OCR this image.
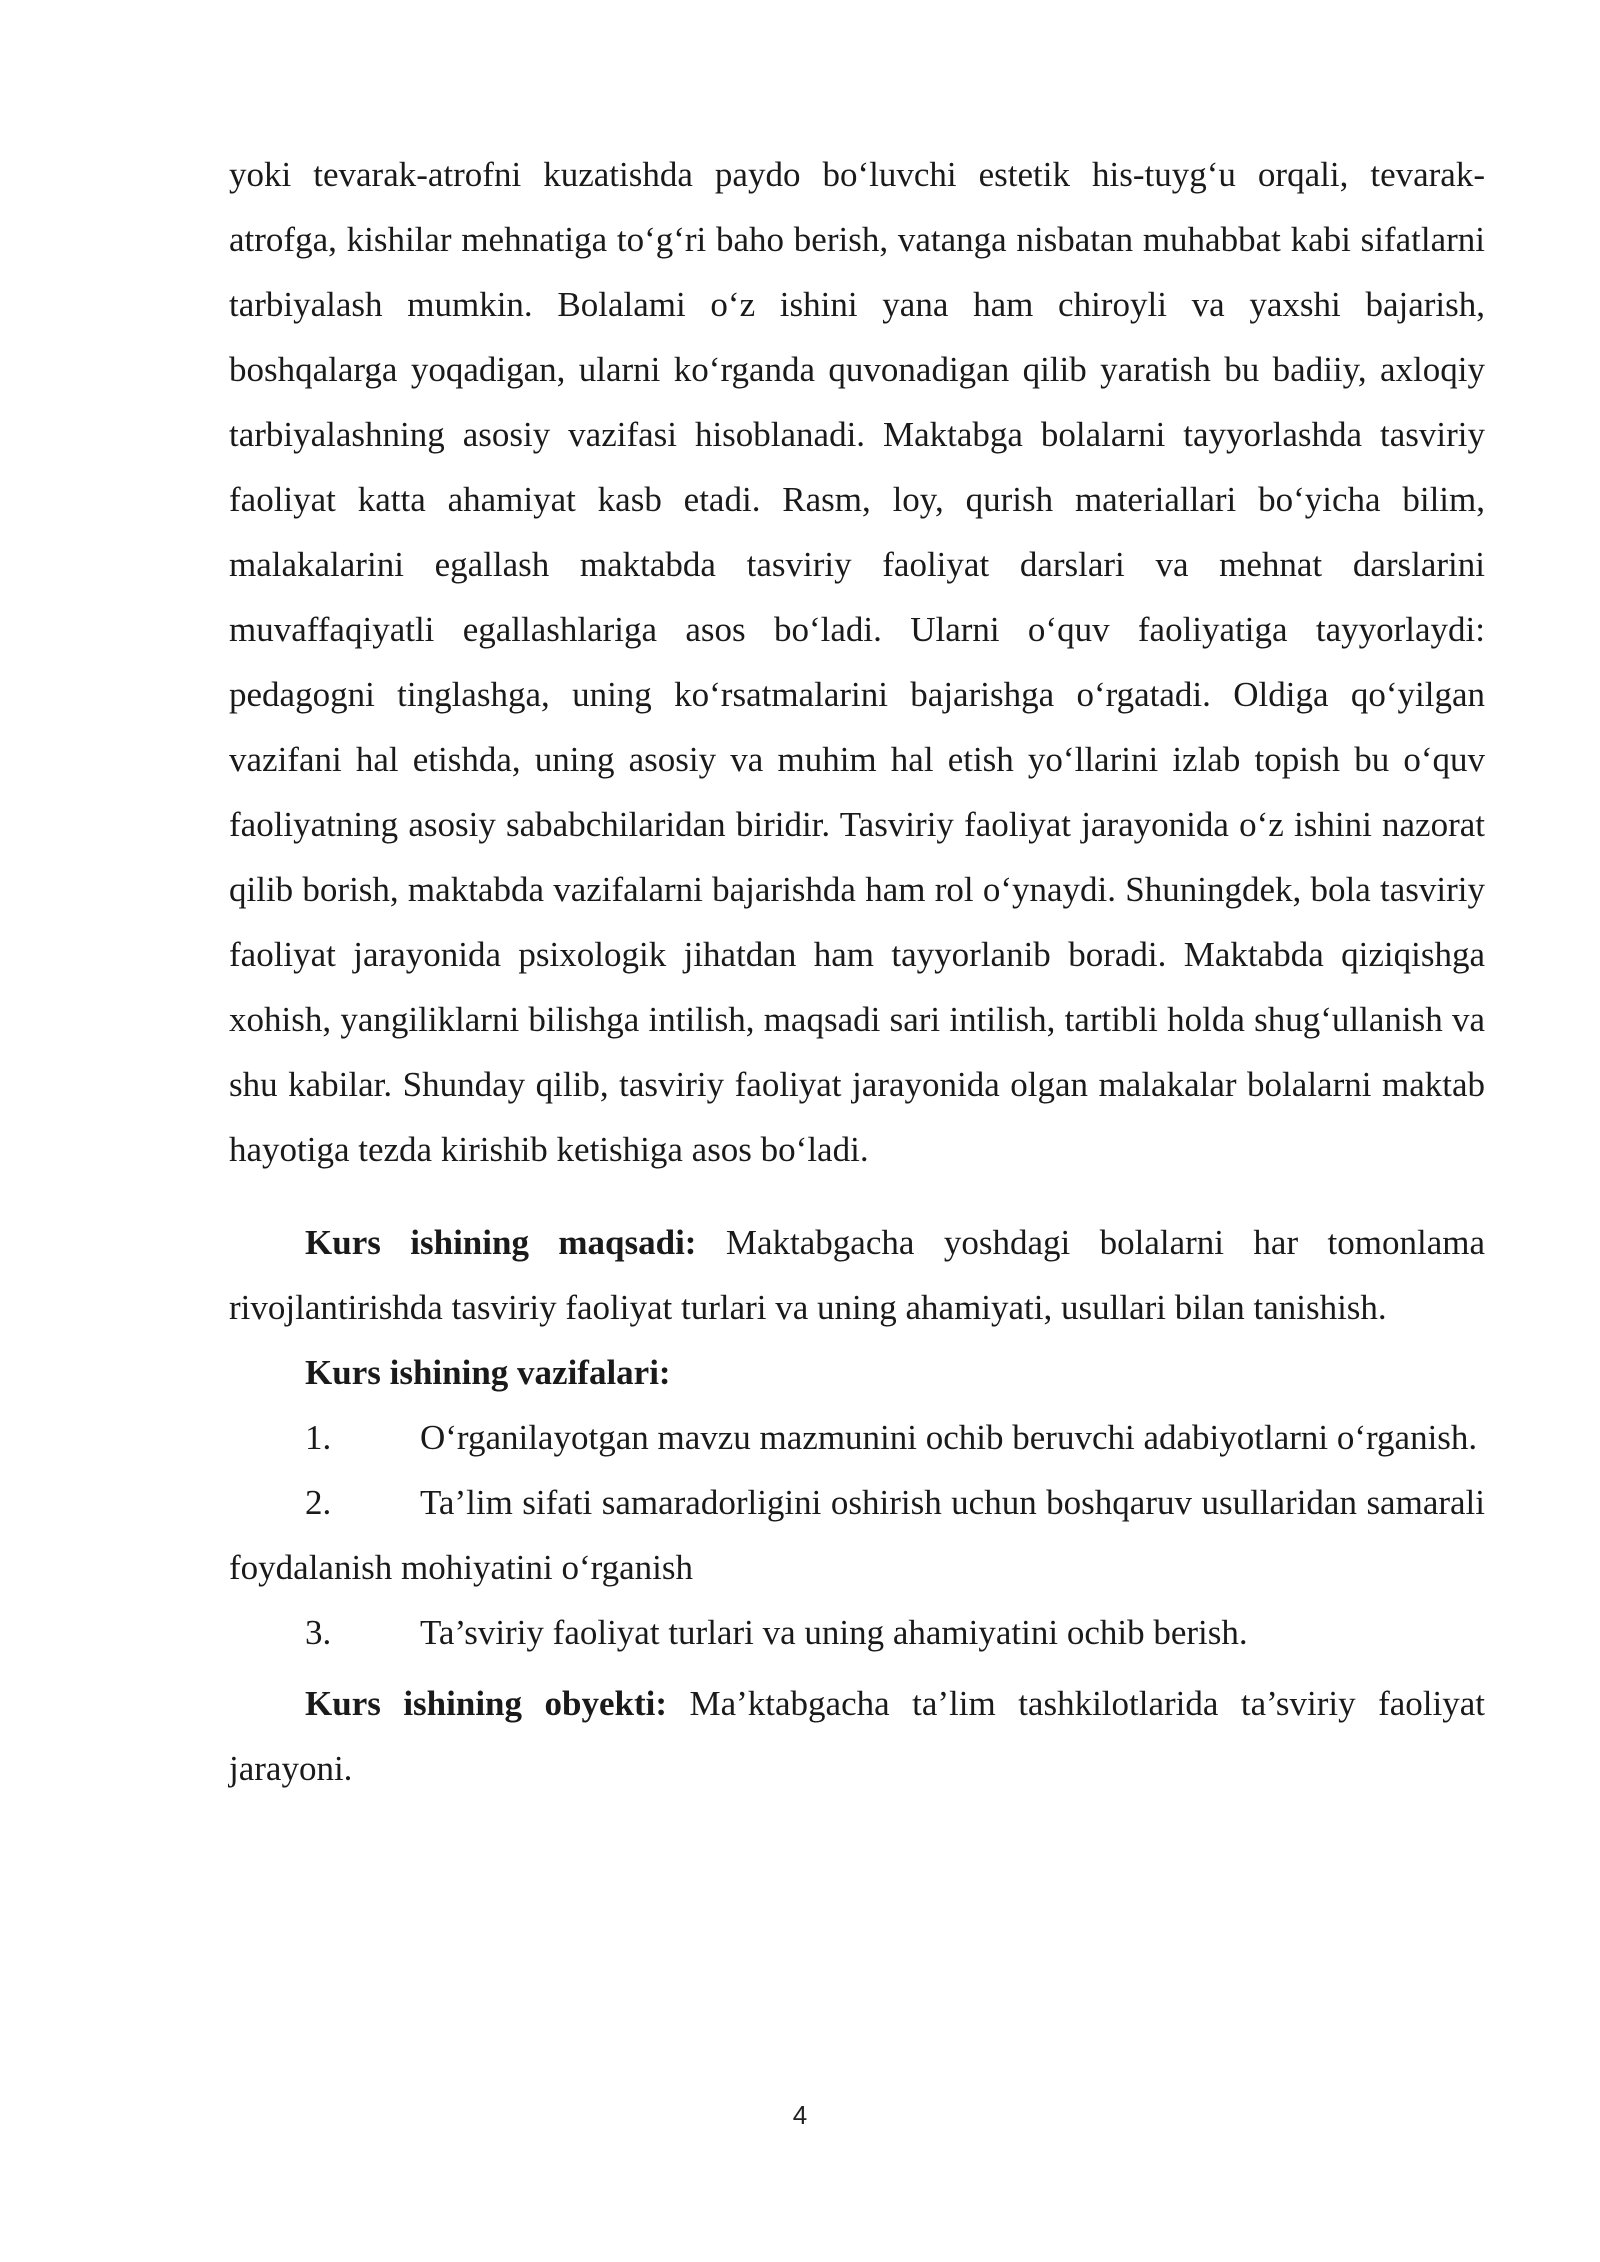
yoki tevarak-atrofni kuzatishda paydo bo‘luvchi estetik his-tuyg‘u orqali, tevarak-atrofga, kishilar mehnatiga to‘g‘ri baho berish, vatanga nisbatan muhabbat kabi sifatlarni tarbiyalash mumkin. Bolalami o‘z ishini yana ham chiroyli va yaxshi bajarish, boshqalarga yoqadigan, ularni ko‘rganda quvonadigan qilib yaratish bu badiiy, axloqiy tarbiyalashning asosiy vazifasi hisoblanadi. Maktabga bolalarni tayyorlashda tasviriy faoliyat katta ahamiyat kasb etadi. Rasm, loy, qurish materiallari bo‘yicha bilim, malakalarini egallash maktabda tasviriy faoliyat darslari va mehnat darslarini muvaffaqiyatli egallashlariga asos bo‘ladi. Ularni o‘quv faoliyatiga tayyorlaydi: pedagogni tinglashga, uning ko‘rsatmalarini bajarishga o‘rgatadi. Oldiga qo‘yilgan vazifani hal etishda, uning asosiy va muhim hal etish yo‘llarini izlab topish bu o‘quv faoliyatning asosiy sababchilaridan biridir. Tasviriy faoliyat jarayonida o‘z ishini nazorat qilib borish, maktabda vazifalarni bajarishda ham rol o‘ynaydi. Shuningdek, bola tasviriy faoliyat jarayonida psixologik jihatdan ham tayyorlanib boradi. Maktabda qiziqishga xohish, yangiliklarni bilishga intilish, maqsadi sari intilish, tartibli holda shug‘ullanish va shu kabilar. Shunday qilib, tasviriy faoliyat jarayonida olgan malakalar bolalarni maktab hayotiga tezda kirishib ketishiga asos bo‘ladi.

Kurs ishining maqsadi: Maktabgacha yoshdagi bolalarni har tomonlama rivojlantirishda tasviriy faoliyat turlari va uning ahamiyati, usullari bilan tanishish.

Kurs ishining vazifalari:

1.	O‘rganilayotgan mavzu mazmunini ochib beruvchi adabiyotlarni o‘rganish.

2.	Ta’lim sifati samaradorligini oshirish uchun boshqaruv usullaridan samarali foydalanish mohiyatini o‘rganish

3.	Ta’sviriy faoliyat turlari va uning ahamiyatini ochib berish.

Kurs ishining obyekti: Ma’ktabgacha ta’lim tashkilotlarida ta’sviriy faoliyat jarayoni.

4
